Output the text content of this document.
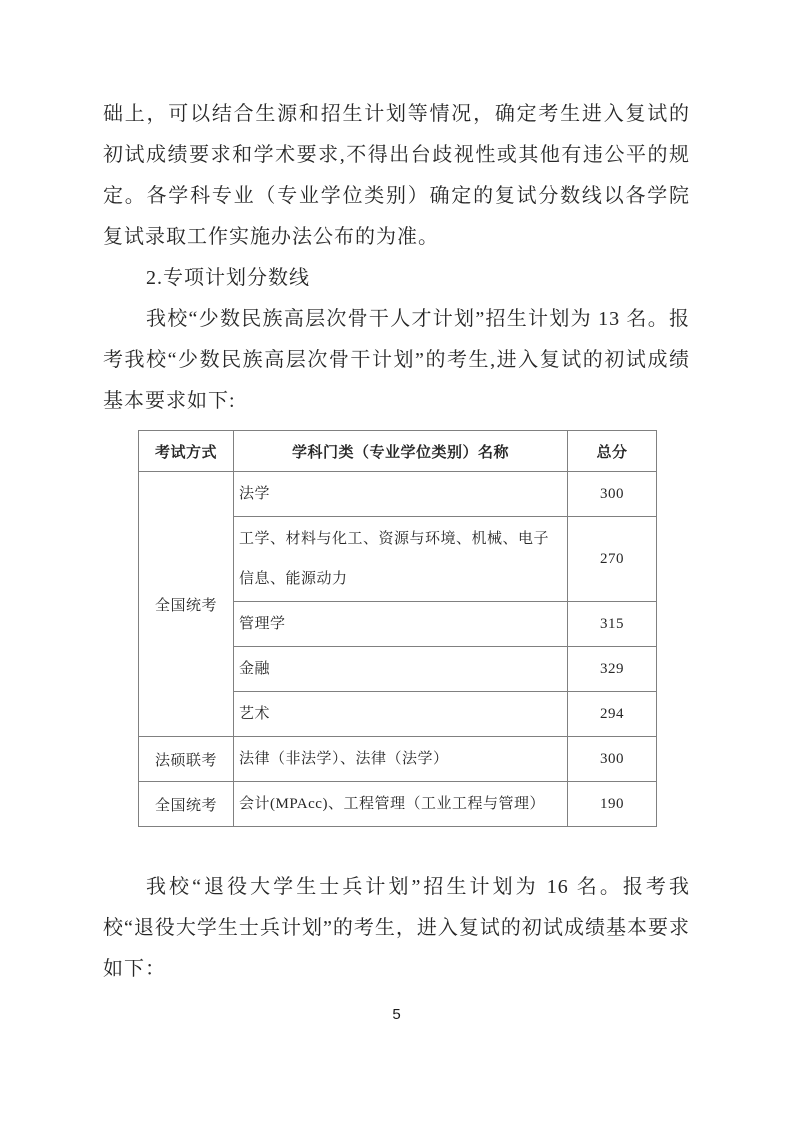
础上，可以结合生源和招生计划等情况，确定考生进入复试的初试成绩要求和学术要求,不得出台歧视性或其他有违公平的规定。各学科专业（专业学位类别）确定的复试分数线以各学院复试录取工作实施办法公布的为准。

2.专项计划分数线

我校“少数民族高层次骨干人才计划”招生计划为 13 名。报考我校“少数民族高层次骨干计划”的考生,进入复试的初试成绩基本要求如下:

考试方式	学科门类（专业学位类别）名称	总分
全国统考	法学	300
	工学、材料与化工、资源与环境、机械、电子信息、能源动力	270
	管理学	315
	金融	329
	艺术	294
法硕联考	法律（非法学）、法律（法学）	300
全国统考	会计(MPAcc)、工程管理（工业工程与管理）	190

我校“退役大学生士兵计划”招生计划为 16 名。报考我校“退役大学生士兵计划”的考生，进入复试的初试成绩基本要求如下：

5
